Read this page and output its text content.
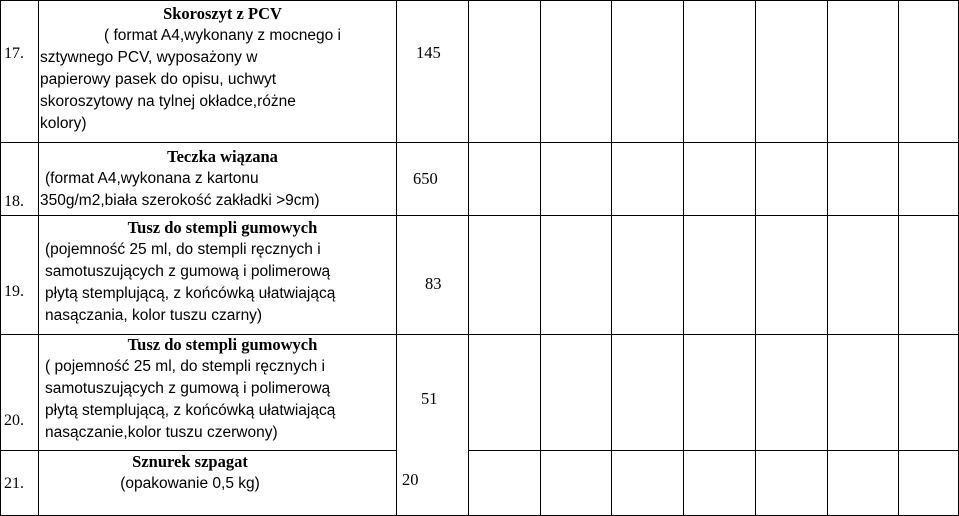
17.
Skoroszyt z PCV
( format A4,wykonany z mocnego i
sztywnego PCV, wyposażony w
papierowy pasek do opisu, uchwyt
skoroszytowy na tylnej okładce,różne
kolory)
145
18.
Teczka wiązana
(format A4,wykonana z kartonu
350g/m2,biała szerokość zakładki >9cm)
650
19.
Tusz do stempli gumowych
(pojemność 25 ml, do stempli ręcznych i
samotuszujących z gumową i polimerową
płytą stemplującą, z końcówką ułatwiającą
nasączania, kolor tuszu czarny)
83
20.
Tusz do stempli gumowych
( pojemność 25 ml, do stempli ręcznych i
samotuszujących z gumową i polimerową
płytą stemplującą, z końcówką ułatwiającą
nasączanie,kolor tuszu czerwony)
51
21.
Sznurek szpagat
(opakowanie 0,5 kg)	20
